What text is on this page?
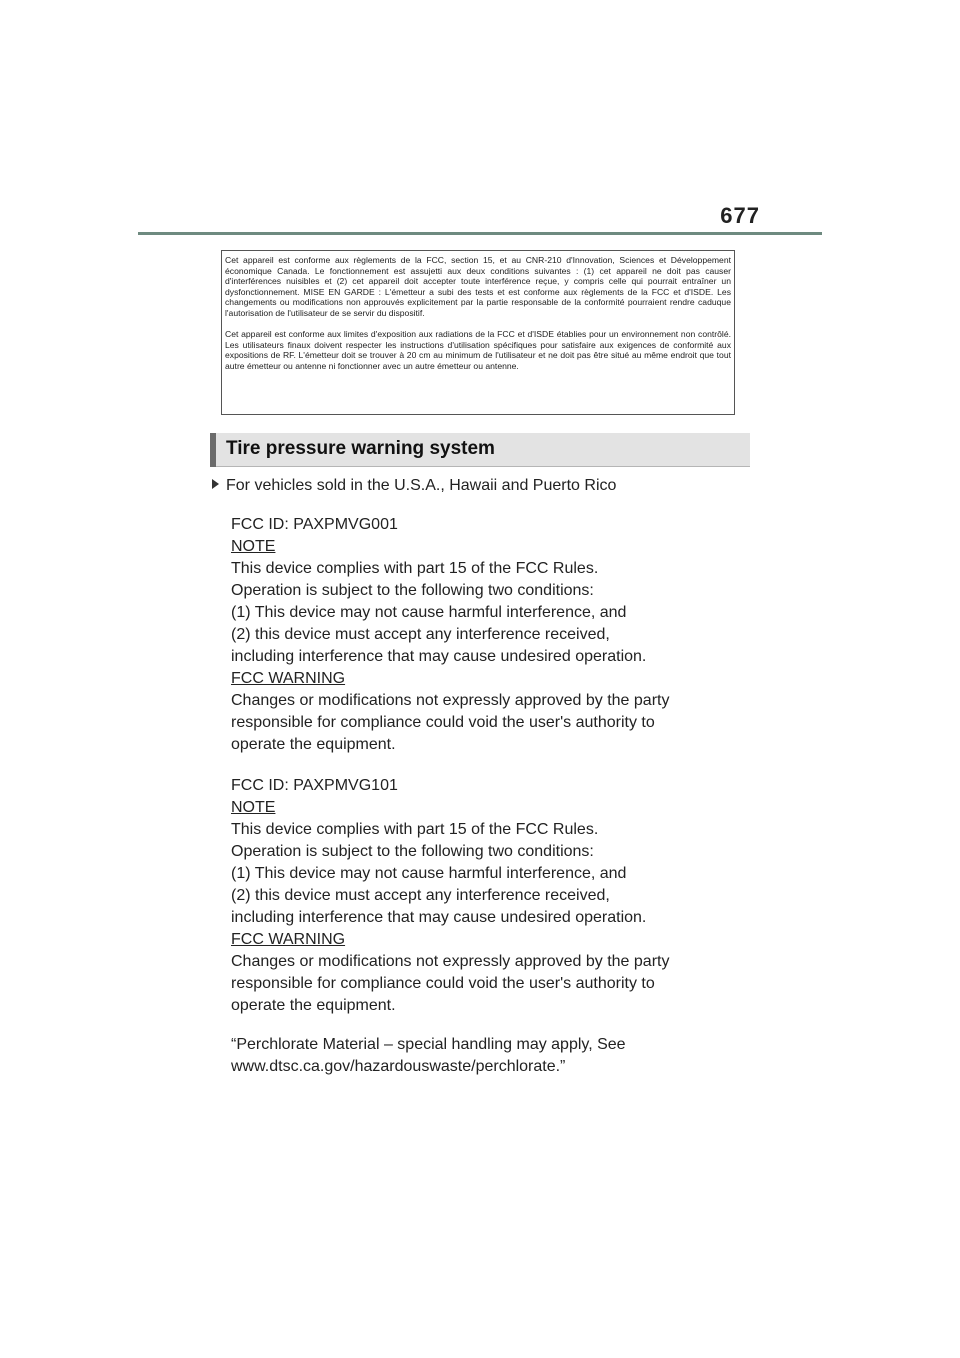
677

Cet appareil est conforme aux règlements de la FCC, section 15, et au CNR-210 d'Innovation, Sciences et Développement économique Canada. Le fonctionnement est assujetti aux deux conditions suivantes : (1) cet appareil ne doit pas causer d'interférences nuisibles et (2) cet appareil doit accepter toute interférence reçue, y compris celle qui pourrait entraîner un dysfonctionnement. MISE EN GARDE : L'émetteur a subi des tests et est conforme aux règlements de la FCC et d'ISDE. Les changements ou modifications non approuvés explicitement par la partie responsable de la conformité pourraient rendre caduque l'autorisation de l'utilisateur de se servir du dispositif.

Cet appareil est conforme aux limites d'exposition aux radiations de la FCC et d'ISDE établies pour un environnement non contrôlé. Les utilisateurs finaux doivent respecter les instructions d'utilisation spécifiques pour satisfaire aux exigences de conformité aux expositions de RF. L'émetteur doit se trouver à 20 cm au minimum de l'utilisateur et ne doit pas être situé au même endroit que tout autre émetteur ou antenne ni fonctionner avec un autre émetteur ou antenne.

Tire pressure warning system
For vehicles sold in the U.S.A., Hawaii and Puerto Rico
FCC ID: PAXPMVG001
NOTE
This device complies with part 15 of the FCC Rules.
Operation is subject to the following two conditions:
(1) This device may not cause harmful interference, and
(2) this device must accept any interference received,
including interference that may cause undesired operation.
FCC WARNING
Changes or modifications not expressly approved by the party
responsible for compliance could void the user's authority to
operate the equipment.
FCC ID: PAXPMVG101
NOTE
This device complies with part 15 of the FCC Rules.
Operation is subject to the following two conditions:
(1) This device may not cause harmful interference, and
(2) this device must accept any interference received,
including interference that may cause undesired operation.
FCC WARNING
Changes or modifications not expressly approved by the party
responsible for compliance could void the user's authority to
operate the equipment.
“Perchlorate Material – special handling may apply, See
www.dtsc.ca.gov/hazardouswaste/perchlorate.”
